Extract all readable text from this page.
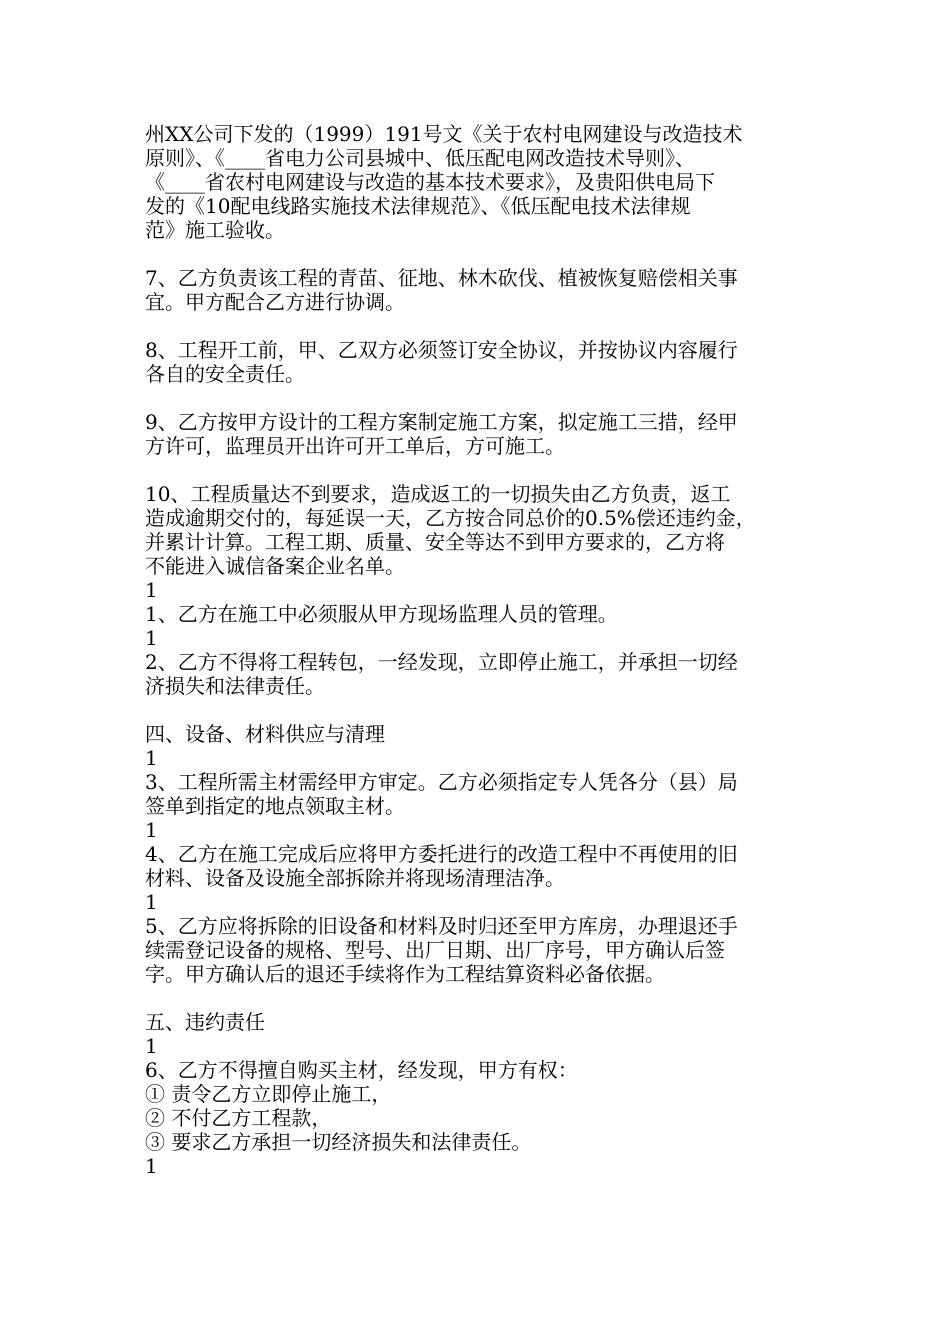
州XX公司下发的（1999）191号文《关于农村电网建设与改造技术
原则》、《____省电力公司县城中、低压配电网改造技术导则》、
《____省农村电网建设与改造的基本技术要求》，及贵阳供电局下
发的《10配电线路实施技术法律规范》、《低压配电技术法律规
范》施工验收。
7、乙方负责该工程的青苗、征地、林木砍伐、植被恢复赔偿相关事
宜。甲方配合乙方进行协调。
8、工程开工前，甲、乙双方必须签订安全协议，并按协议内容履行
各自的安全责任。
9、乙方按甲方设计的工程方案制定施工方案，拟定施工三措，经甲
方许可，监理员开出许可开工单后，方可施工。
10、工程质量达不到要求，造成返工的一切损失由乙方负责，返工
造成逾期交付的，每延误一天，乙方按合同总价的0.5%偿还违约金，
并累计计算。工程工期、质量、安全等达不到甲方要求的，乙方将
不能进入诚信备案企业名单。
1
1、乙方在施工中必须服从甲方现场监理人员的管理。
1
2、乙方不得将工程转包，一经发现，立即停止施工，并承担一切经
济损失和法律责任。
四、设备、材料供应与清理
1
3、工程所需主材需经甲方审定。乙方必须指定专人凭各分（县）局
签单到指定的地点领取主材。
1
4、乙方在施工完成后应将甲方委托进行的改造工程中不再使用的旧
材料、设备及设施全部拆除并将现场清理洁净。
1
5、乙方应将拆除的旧设备和材料及时归还至甲方库房，办理退还手
续需登记设备的规格、型号、出厂日期、出厂序号，甲方确认后签
字。甲方确认后的退还手续将作为工程结算资料必备依据。
五、违约责任
1
6、乙方不得擅自购买主材，经发现，甲方有权：
① 责令乙方立即停止施工，
② 不付乙方工程款，
③ 要求乙方承担一切经济损失和法律责任。
1
